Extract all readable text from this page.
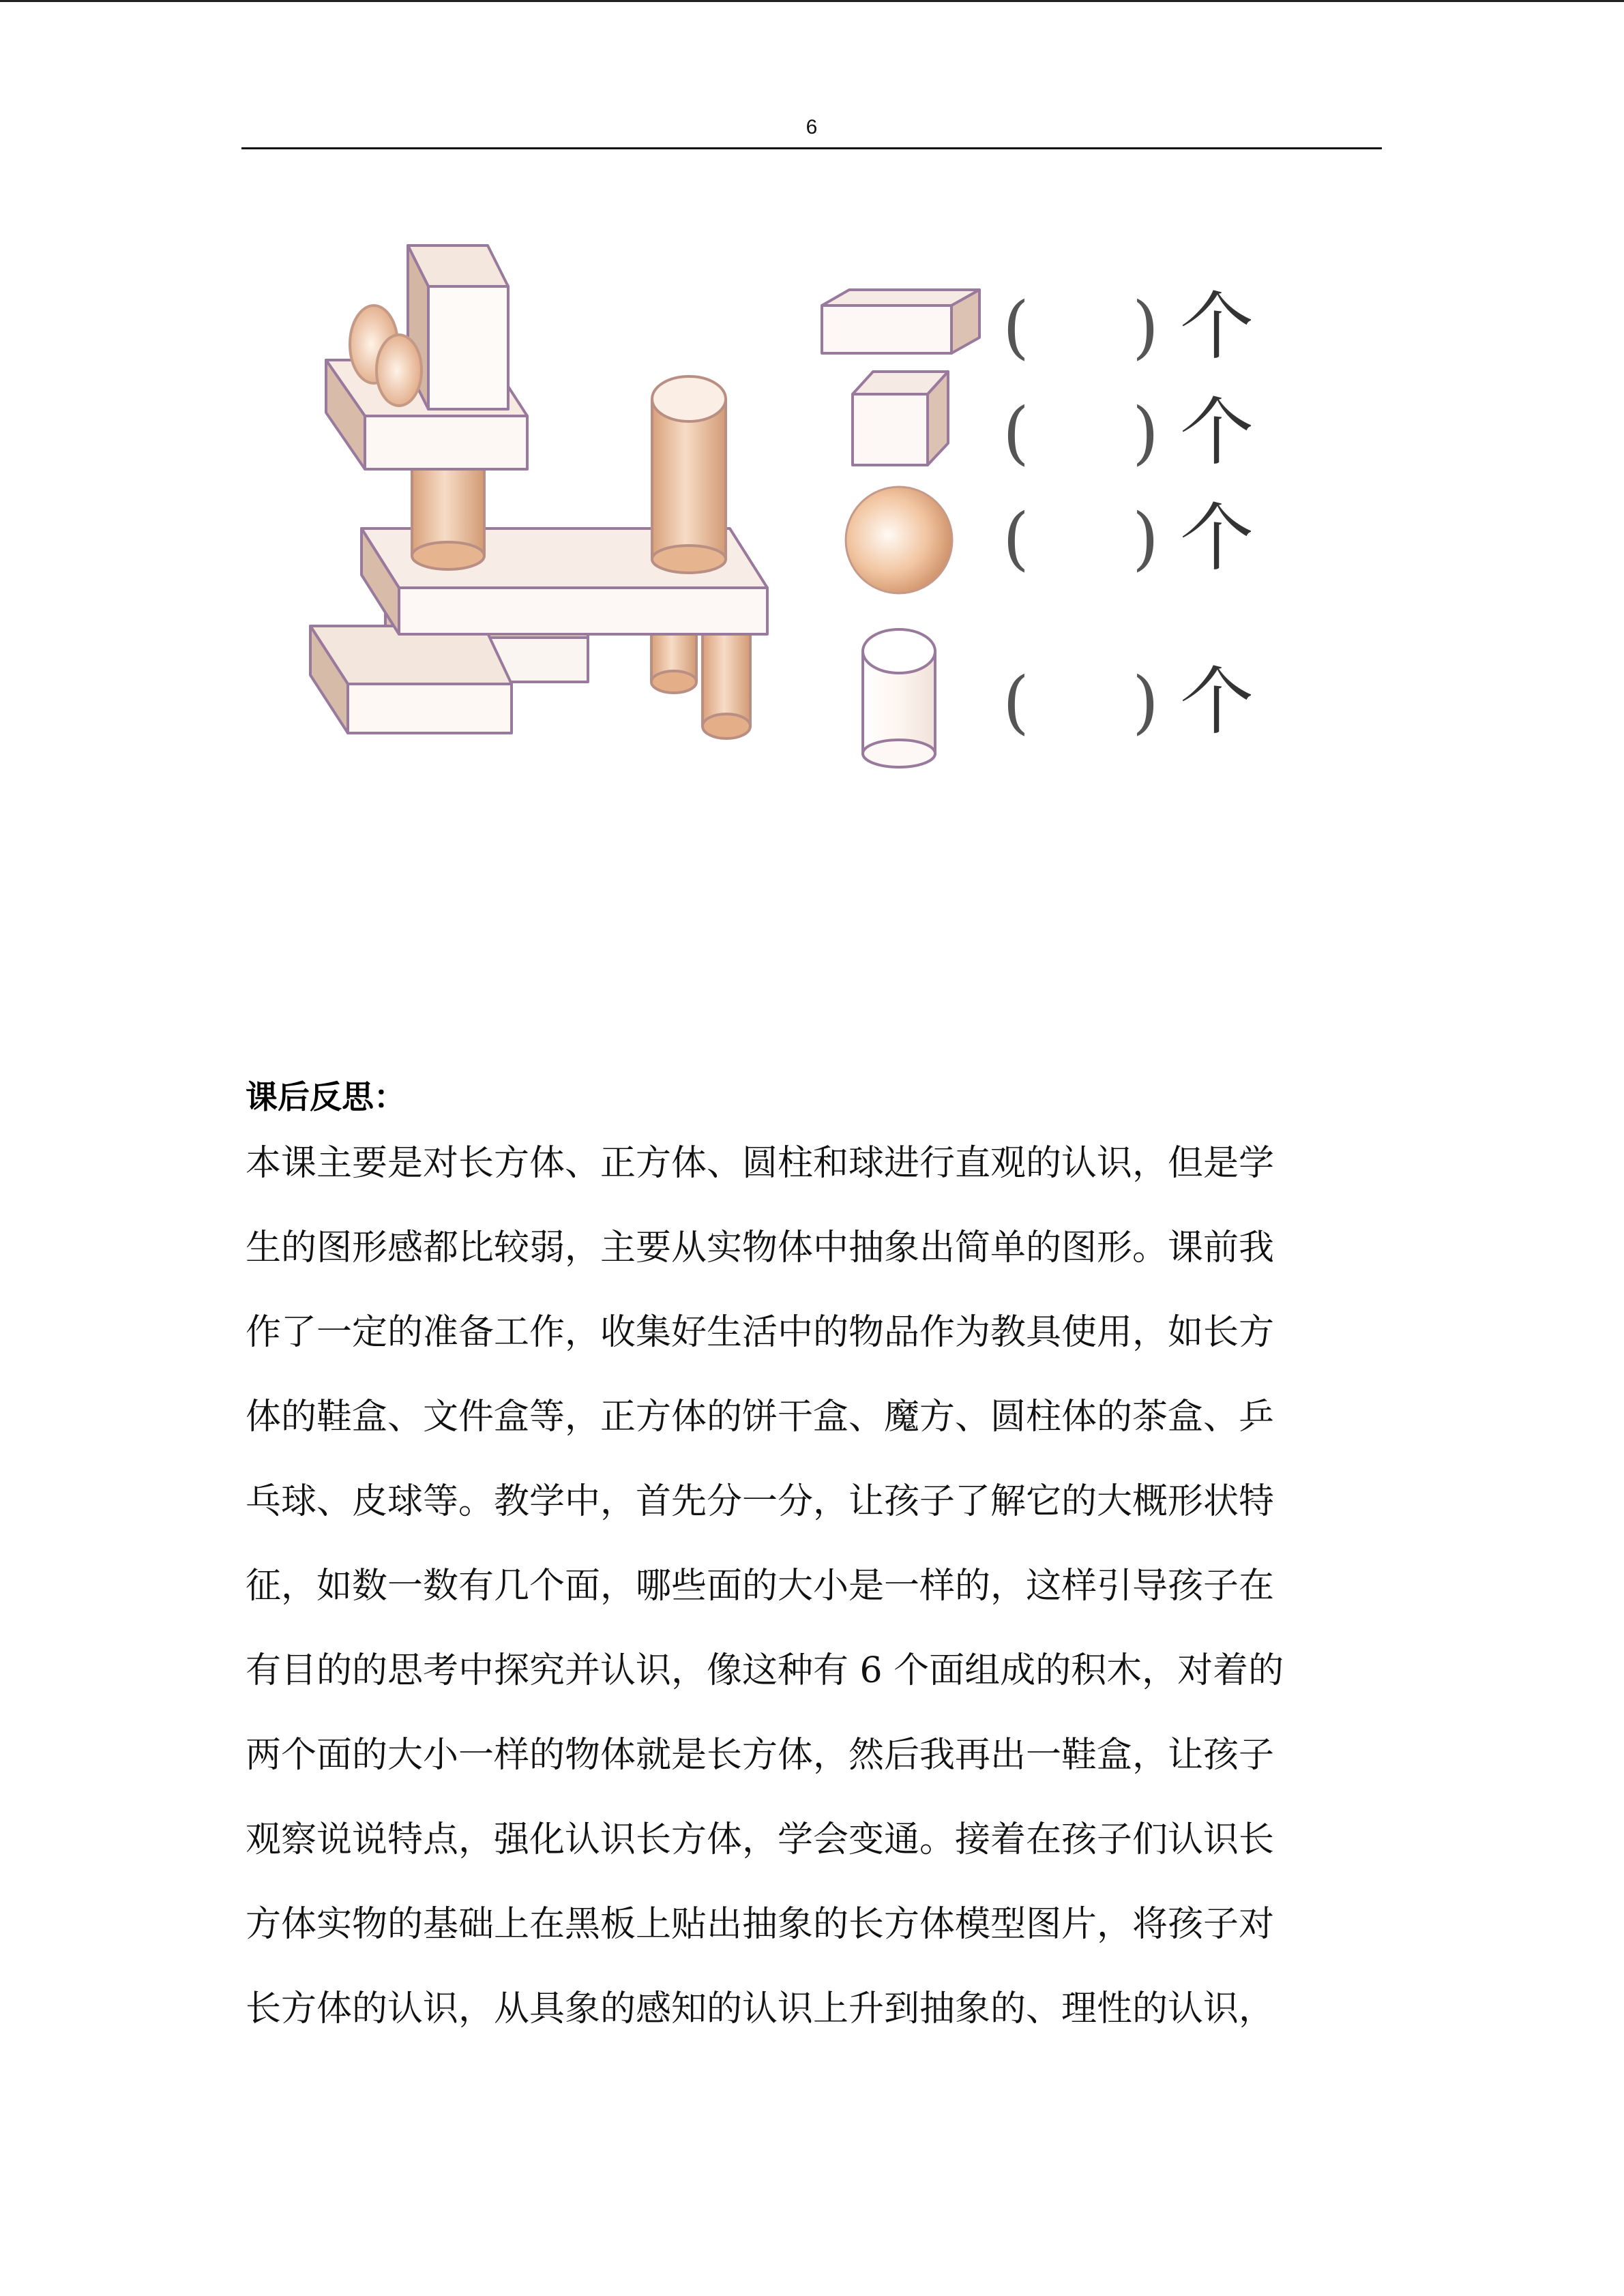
6
(	) 个
(	) 个
(	) 个
(	) 个
课后反思：
本课主要是对长方体、正方体、圆柱和球进行直观的认识，但是学
生的图形感都比较弱，主要从实物体中抽象出简单的图形。课前我
作了一定的准备工作，收集好生活中的物品作为教具使用，如长方
体的鞋盒、文件盒等，正方体的饼干盒、魔方、圆柱体的茶盒、乒
乓球、皮球等。教学中，首先分一分，让孩子了解它的大概形状特
征，如数一数有几个面，哪些面的大小是一样的，这样引导孩子在
有目的的思考中探究并认识，像这种有 6 个面组成的积木，对着的
两个面的大小一样的物体就是长方体，然后我再出一鞋盒，让孩子
观察说说特点，强化认识长方体，学会变通。接着在孩子们认识长
方体实物的基础上在黑板上贴出抽象的长方体模型图片，将孩子对
长方体的认识，从具象的感知的认识上升到抽象的、理性的认识，
